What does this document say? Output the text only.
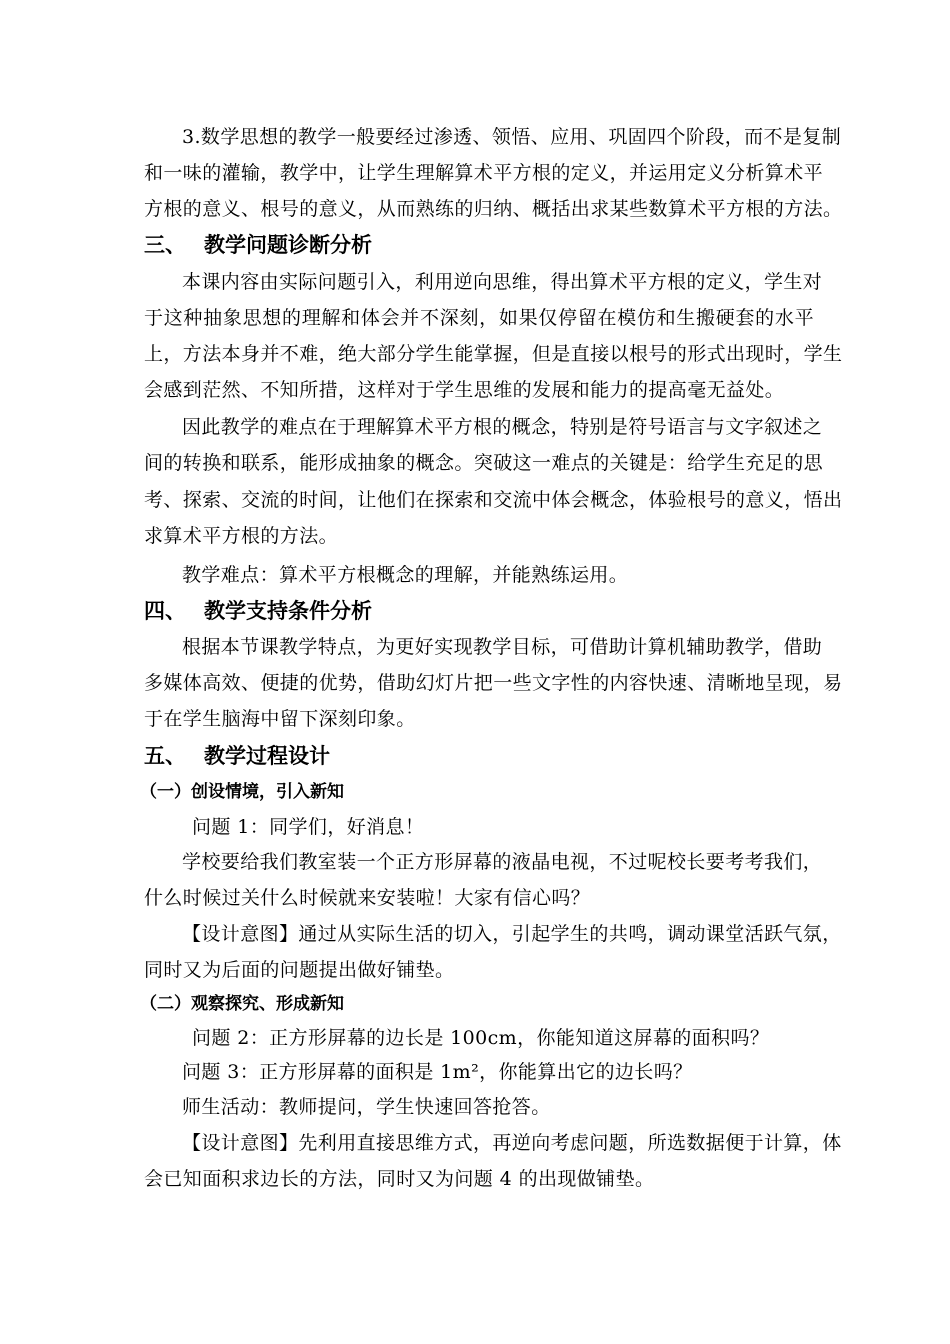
3.数学思想的教学一般要经过渗透、领悟、应用、巩固四个阶段，而不是复制
和一味的灌输，教学中，让学生理解算术平方根的定义，并运用定义分析算术平
方根的意义、根号的意义，从而熟练的归纳、概括出求某些数算术平方根的方法。
三、 教学问题诊断分析
本课内容由实际问题引入，利用逆向思维，得出算术平方根的定义，学生对
于这种抽象思想的理解和体会并不深刻，如果仅停留在模仿和生搬硬套的水平
上，方法本身并不难，绝大部分学生能掌握，但是直接以根号的形式出现时，学生
会感到茫然、不知所措，这样对于学生思维的发展和能力的提高毫无益处。
因此教学的难点在于理解算术平方根的概念，特别是符号语言与文字叙述之
间的转换和联系，能形成抽象的概念。突破这一难点的关键是：给学生充足的思
考、探索、交流的时间，让他们在探索和交流中体会概念，体验根号的意义，悟出
求算术平方根的方法。
教学难点：算术平方根概念的理解，并能熟练运用。
四、 教学支持条件分析
根据本节课教学特点，为更好实现教学目标，可借助计算机辅助教学，借助
多媒体高效、便捷的优势，借助幻灯片把一些文字性的内容快速、清晰地呈现，易
于在学生脑海中留下深刻印象。
五、 教学过程设计
（一）创设情境，引入新知
问题 1：同学们，好消息！
学校要给我们教室装一个正方形屏幕的液晶电视，不过呢校长要考考我们，
什么时候过关什么时候就来安装啦！大家有信心吗？
【设计意图】通过从实际生活的切入，引起学生的共鸣，调动课堂活跃气氛，
同时又为后面的问题提出做好铺垫。
（二）观察探究、形成新知
问题 2：正方形屏幕的边长是 100cm，你能知道这屏幕的面积吗？
问题 3：正方形屏幕的面积是 1m²，你能算出它的边长吗？
师生活动：教师提问，学生快速回答抢答。
【设计意图】先利用直接思维方式，再逆向考虑问题，所选数据便于计算，体
会已知面积求边长的方法，同时又为问题 4 的出现做铺垫。
